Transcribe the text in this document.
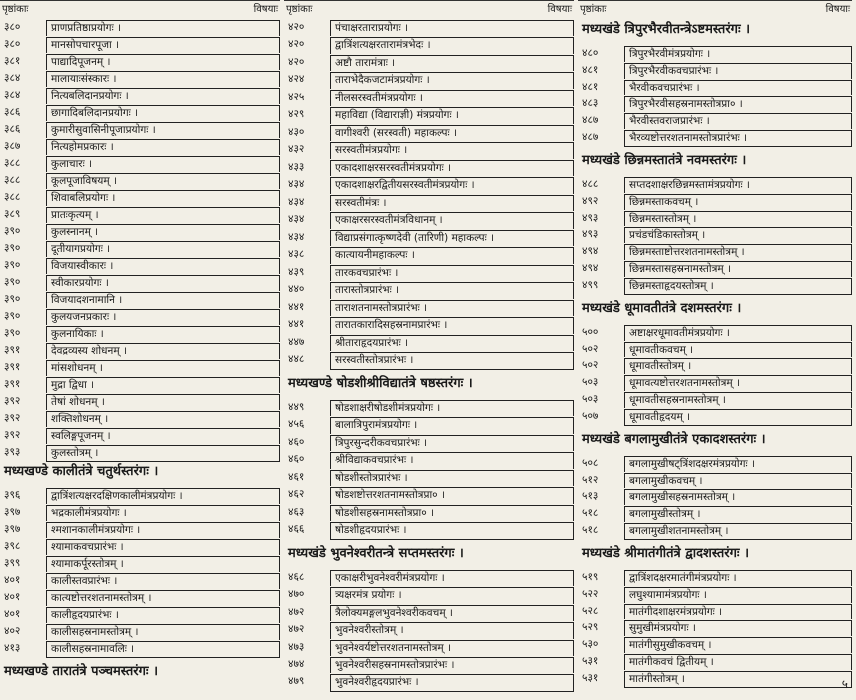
पृष्ठांकाः	विषयाः
३८०	प्राणप्रतिष्ठाप्रयोगः ।
३८०	मानसोपचारपूजा ।
३८१	पाद्यादिपूजनम् ।
३८४	मालायाःसंस्कारः ।
३८४	नित्यबलिदानप्रयोगः ।
३८६	छागादिबलिदानप्रयोगः ।
३८६	कुमारीसुवासिनीपूजाप्रयोगः ।
३८७	नित्यहोमप्रकारः ।
३८८	कुलाचारः ।
३८८	कूलपूजाविषयम् ।
३८८	शिवाबलिप्रयोगः ।
३८९	प्रातःकृत्यम् ।
३९०	कुलस्नानम् ।
३९०	दूतीयागप्रयोगः ।
३९०	विजयास्वीकारः ।
३९०	स्वीकारप्रयोगः ।
३९०	विजयादशनामानि ।
३९०	कुलयजनप्रकारः ।
३९०	कुलनायिकाः ।
३९१	देवद्रव्यस्य शोधनम् ।
३९१	मांसशोधनम् ।
३९१	मुद्रा द्विधा ।
३९२	तेषां शोधनम् ।
३९२	शक्तिशोधनम् ।
३९२	स्वलिङ्गपूजनम् ।
३९३	कुलस्तोत्रम् ।
मध्यखण्डे कालीतंत्रे चतुर्थस्तरंगः ।
३९६	द्वात्रिंशत्यक्षरदक्षिणकालीमंत्रप्रयोगः ।
३९७	भद्रकालीमंत्रप्रयोगः ।
३९७	श्मशानकालीमंत्रप्रयोगः ।
३९८	श्यामाकवचप्रारंभः ।
३९९	श्यामाकर्पूरस्तोत्रम् ।
४०१	कालीस्तवप्रारंभः ।
४०१	कात्यष्टोत्तरशतनामस्तोत्रम् ।
४०१	कालीहृदयप्रारंभः ।
४०२	कालीसहस्रनामस्तोत्रम् ।
४१३	कालीसहस्रनामावलिः ।
मध्यखण्डे तारातंत्रे पञ्चमस्तरंगः ।
पृष्ठांकाः	विषयाः
४२०	पंचाक्षरताराप्रयोगः ।
४२०	द्वात्रिंशत्यक्षरतारामंत्रभेदः ।
४२०	अष्टौ तारामंत्राः ।
४२४	ताराभेदैकजटामंत्रप्रयोगः ।
४२५	नीलसरस्वतीमंत्रप्रयोगः ।
४२९	महाविद्या (विद्याराज्ञी) मंत्रप्रयोगः ।
४३०	वागीश्वरी (सरस्वती) महाकल्पः ।
४३२	सरस्वतीमंत्रप्रयोगः ।
४३३	एकादशाक्षरसरस्वतीमंत्रप्रयोगः ।
४३४	एकादशाक्षरद्वितीयसरस्वतीमंत्रप्रयोगः ।
४३४	सरस्वतीमंत्रः ।
४३४	एकाक्षरसरस्वतीमंत्रविधानम् ।
४३४	विद्याप्रसंगात्कृष्णदेवी (तारिणी) महाकल्पः ।
४३८	कात्यायनीमहाकल्पः ।
४३९	तारकवचप्रारंभः ।
४४०	तारास्तोत्रप्रारंभः ।
४४१	ताराशतनामस्तोत्रप्रारंभः ।
४४१	तारातकारादिसहस्रनामप्रारंभः ।
४४७	श्रीताराहृदयप्रारंभः ।
४४८	सरस्वतीस्तोत्रप्रारंभः ।
मध्यखण्डे षोडशीश्रीविद्यातंत्रे षष्ठस्तरंगः ।
४४९	षोडशाक्षरीषोडशीमंत्रप्रयोगः ।
४५६	बालात्रिपुरामंत्रप्रयोगः ।
४६०	त्रिपुरसुन्दरीकवचप्रारंभः ।
४६०	श्रीविद्याकवचप्रारंभः ।
४६१	षोडशीस्तोत्रप्रारंभः ।
४६२	षोडशष्टोत्तरशतनामस्तोत्रप्रा० ।
४६३	षोडशीसहस्रनामस्तोत्रप्रा० ।
४६६	षोडशीहृदयप्रारंभः ।
मध्यखंडे भुवनेश्वरीतन्त्रे सप्तमस्तरंगः ।
४६८	एकाक्षरीभुवनेश्वरीमंत्रप्रयोगः ।
४७०	त्र्यक्षरमंत्र प्रयोगः ।
४७२	त्रैलोक्यमङ्गलभुवनेश्वरीकवचम् ।
४७२	भुवनेश्वरीस्तोत्रम् ।
४७३	भुवनेश्वर्यष्टोत्तरशतनामस्तोत्रम् ।
४७४	भुवनेश्वरीसहस्रनामस्तोत्रप्रारंभः ।
४७९	भुवनेश्वरीहृदयप्रारंभः ।
पृष्ठांकाः	विषयाः
मध्यखंडे त्रिपुरभैरवीतन्त्रेऽष्टमस्तरंगः ।
४८०	त्रिपुरभैरवीमंत्रप्रयोगः ।
४८१	त्रिपुरभैरवीकवचप्रारंभः ।
४८१	भैरवीकवचप्रारंभः ।
४८३	त्रिपुरभैरवीसहस्रनामस्तोत्रप्रा० ।
४८७	भैरवीस्तवराजप्रारंभः ।
४८७	भैरव्यष्टोत्तरशतनामस्तोत्रप्रारंभः ।
मध्यखंडे छिन्नमस्तातंत्रे नवमस्तरंगः ।
४८८	सप्तदशाक्षरछिन्नमस्तामंत्रप्रयोगः ।
४९२	छिन्नमस्ताकवचम् ।
४९३	छिन्नमस्तास्तोत्रम् ।
४९३	प्रचंडचंडिकास्तोत्रम् ।
४९४	छिन्नमस्ताष्टोत्तरशतनामस्तोत्रम् ।
४९४	छिन्नमस्तासहस्रनामस्तोत्रम् ।
४९९	छिन्नमस्ताहृदयस्तोत्रम् ।
मध्यखंडे धूमावतीतंत्रे दशमस्तरंगः ।
५००	अष्टाक्षरधूमावतीमंत्रप्रयोगः ।
५०२	धूमावतीकवचम् ।
५०२	धूमावतीस्तोत्रम् ।
५०३	धूमावत्यष्टोत्तरशतनामस्तोत्रम् ।
५०३	धूमावतीसहस्रनामस्तोत्रम् ।
५०७	धूमावतीहृदयम् ।
मध्यखंडे बगलामुखीतंत्रे एकादशस्तरंगः ।
५०८	बगलामुखीषट्त्रिंशदक्षरमंत्रप्रयोगः ।
५१२	बगलामुखीकवचम् ।
५१३	बगलामुखीसहस्रनामस्तोत्रम् ।
५१८	बगलामुखीस्तोत्रम् ।
५१८	बगलामुखीशतनामस्तोत्रम् ।
मध्यखंडे श्रीमातंगीतंत्रे द्वादशस्तरंगः ।
५१९	द्वात्रिंशदक्षरमातंगीमंत्रप्रयोगः ।
५२२	लघुश्यामामंत्रप्रयोगः ।
५२८	मातंगीदशाक्षरमंत्रप्रयोगः ।
५२९	सुमुखीमंत्रप्रयोगः ।
५३०	मातंगीसुमुखीकवचम् ।
५३१	मातंगीकवचं द्वितीयम् ।
५३१	मातंगीस्तोत्रम् ।	५
